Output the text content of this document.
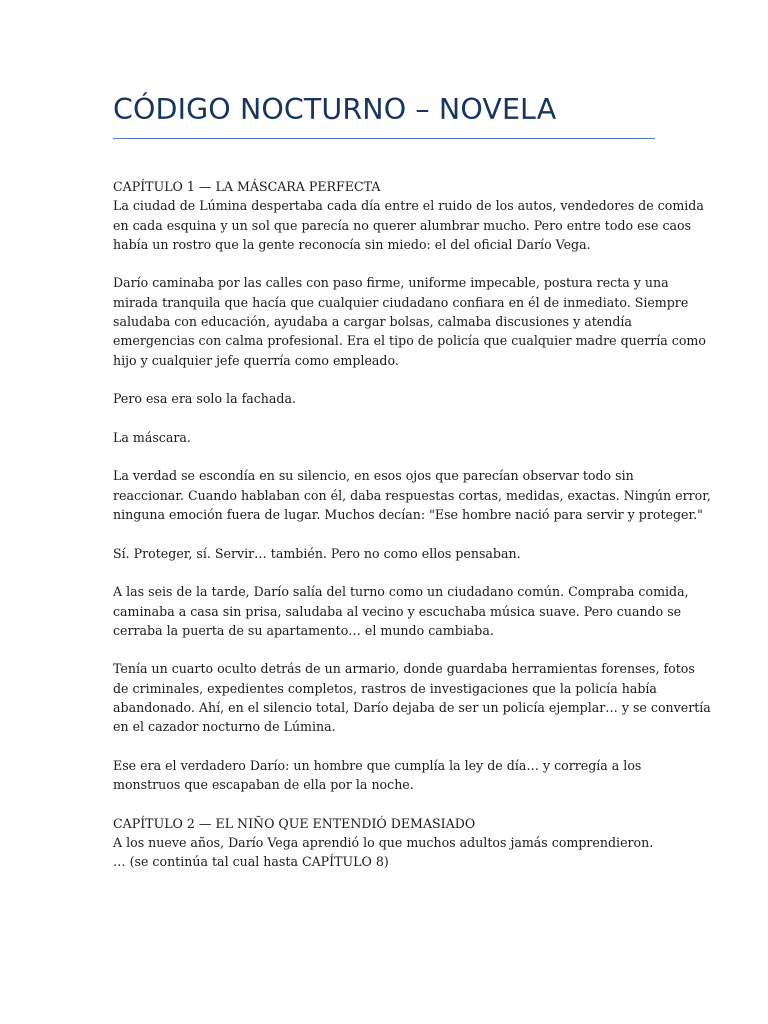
CÓDIGO NOCTURNO – NOVELA
CAPÍTULO 1 — LA MÁSCARA PERFECTA
La ciudad de Lúmina despertaba cada día entre el ruido de los autos, vendedores de comida
en cada esquina y un sol que parecía no querer alumbrar mucho. Pero entre todo ese caos
había un rostro que la gente reconocía sin miedo: el del oficial Darío Vega.
Darío caminaba por las calles con paso firme, uniforme impecable, postura recta y una
mirada tranquila que hacía que cualquier ciudadano confiara en él de inmediato. Siempre
saludaba con educación, ayudaba a cargar bolsas, calmaba discusiones y atendía
emergencias con calma profesional. Era el tipo de policía que cualquier madre querría como
hijo y cualquier jefe querría como empleado.
Pero esa era solo la fachada.
La máscara.
La verdad se escondía en su silencio, en esos ojos que parecían observar todo sin
reaccionar. Cuando hablaban con él, daba respuestas cortas, medidas, exactas. Ningún error,
ninguna emoción fuera de lugar. Muchos decían: "Ese hombre nació para servir y proteger."
Sí. Proteger, sí. Servir… también. Pero no como ellos pensaban.
A las seis de la tarde, Darío salía del turno como un ciudadano común. Compraba comida,
caminaba a casa sin prisa, saludaba al vecino y escuchaba música suave. Pero cuando se
cerraba la puerta de su apartamento… el mundo cambiaba.
Tenía un cuarto oculto detrás de un armario, donde guardaba herramientas forenses, fotos
de criminales, expedientes completos, rastros de investigaciones que la policía había
abandonado. Ahí, en el silencio total, Darío dejaba de ser un policía ejemplar… y se convertía
en el cazador nocturno de Lúmina.
Ese era el verdadero Darío: un hombre que cumplía la ley de día… y corregía a los
monstruos que escapaban de ella por la noche.
CAPÍTULO 2 — EL NIÑO QUE ENTENDIÓ DEMASIADO
A los nueve años, Darío Vega aprendió lo que muchos adultos jamás comprendieron.
… (se continúa tal cual hasta CAPÍTULO 8)
